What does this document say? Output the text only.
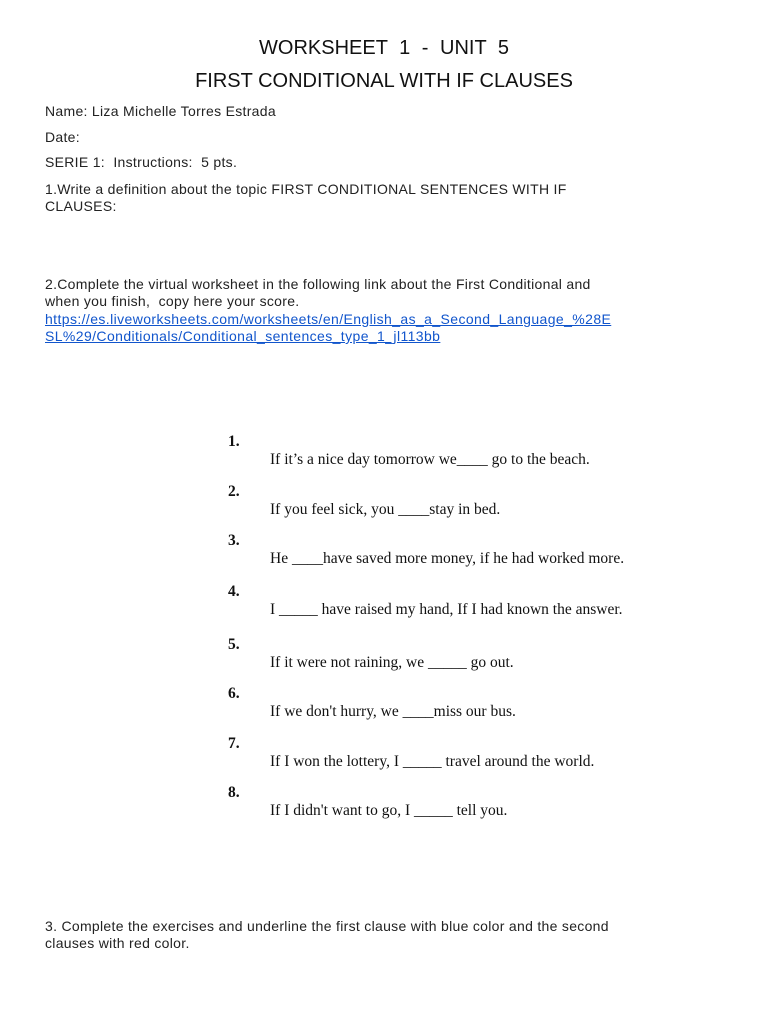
WORKSHEET 1 - UNIT 5
FIRST CONDITIONAL WITH IF CLAUSES
Name: Liza Michelle Torres Estrada
Date:
SERIE 1:  Instructions:  5 pts.
1.Write a definition about the topic FIRST CONDITIONAL SENTENCES WITH IF
CLAUSES:
2.Complete the virtual worksheet in the following link about the First Conditional and
when you finish,  copy here your score.
https://es.liveworksheets.com/worksheets/en/English_as_a_Second_Language_%28E
SL%29/Conditionals/Conditional_sentences_type_1_jl113bb

1.

If it’s a nice day tomorrow we____ go to the beach.

2.

If you feel sick, you ____stay in bed.

3.

He ____have saved more money, if he had worked more.

4.

I _____ have raised my hand, If I had known the answer.

5.

If it were not raining, we _____ go out.

6.

If we don't hurry, we ____miss our bus.

7.

If I won the lottery, I _____ travel around the world.

8.

If I didn't want to go, I _____ tell you.

3. Complete the exercises and underline the first clause with blue color and the second
clauses with red color.
